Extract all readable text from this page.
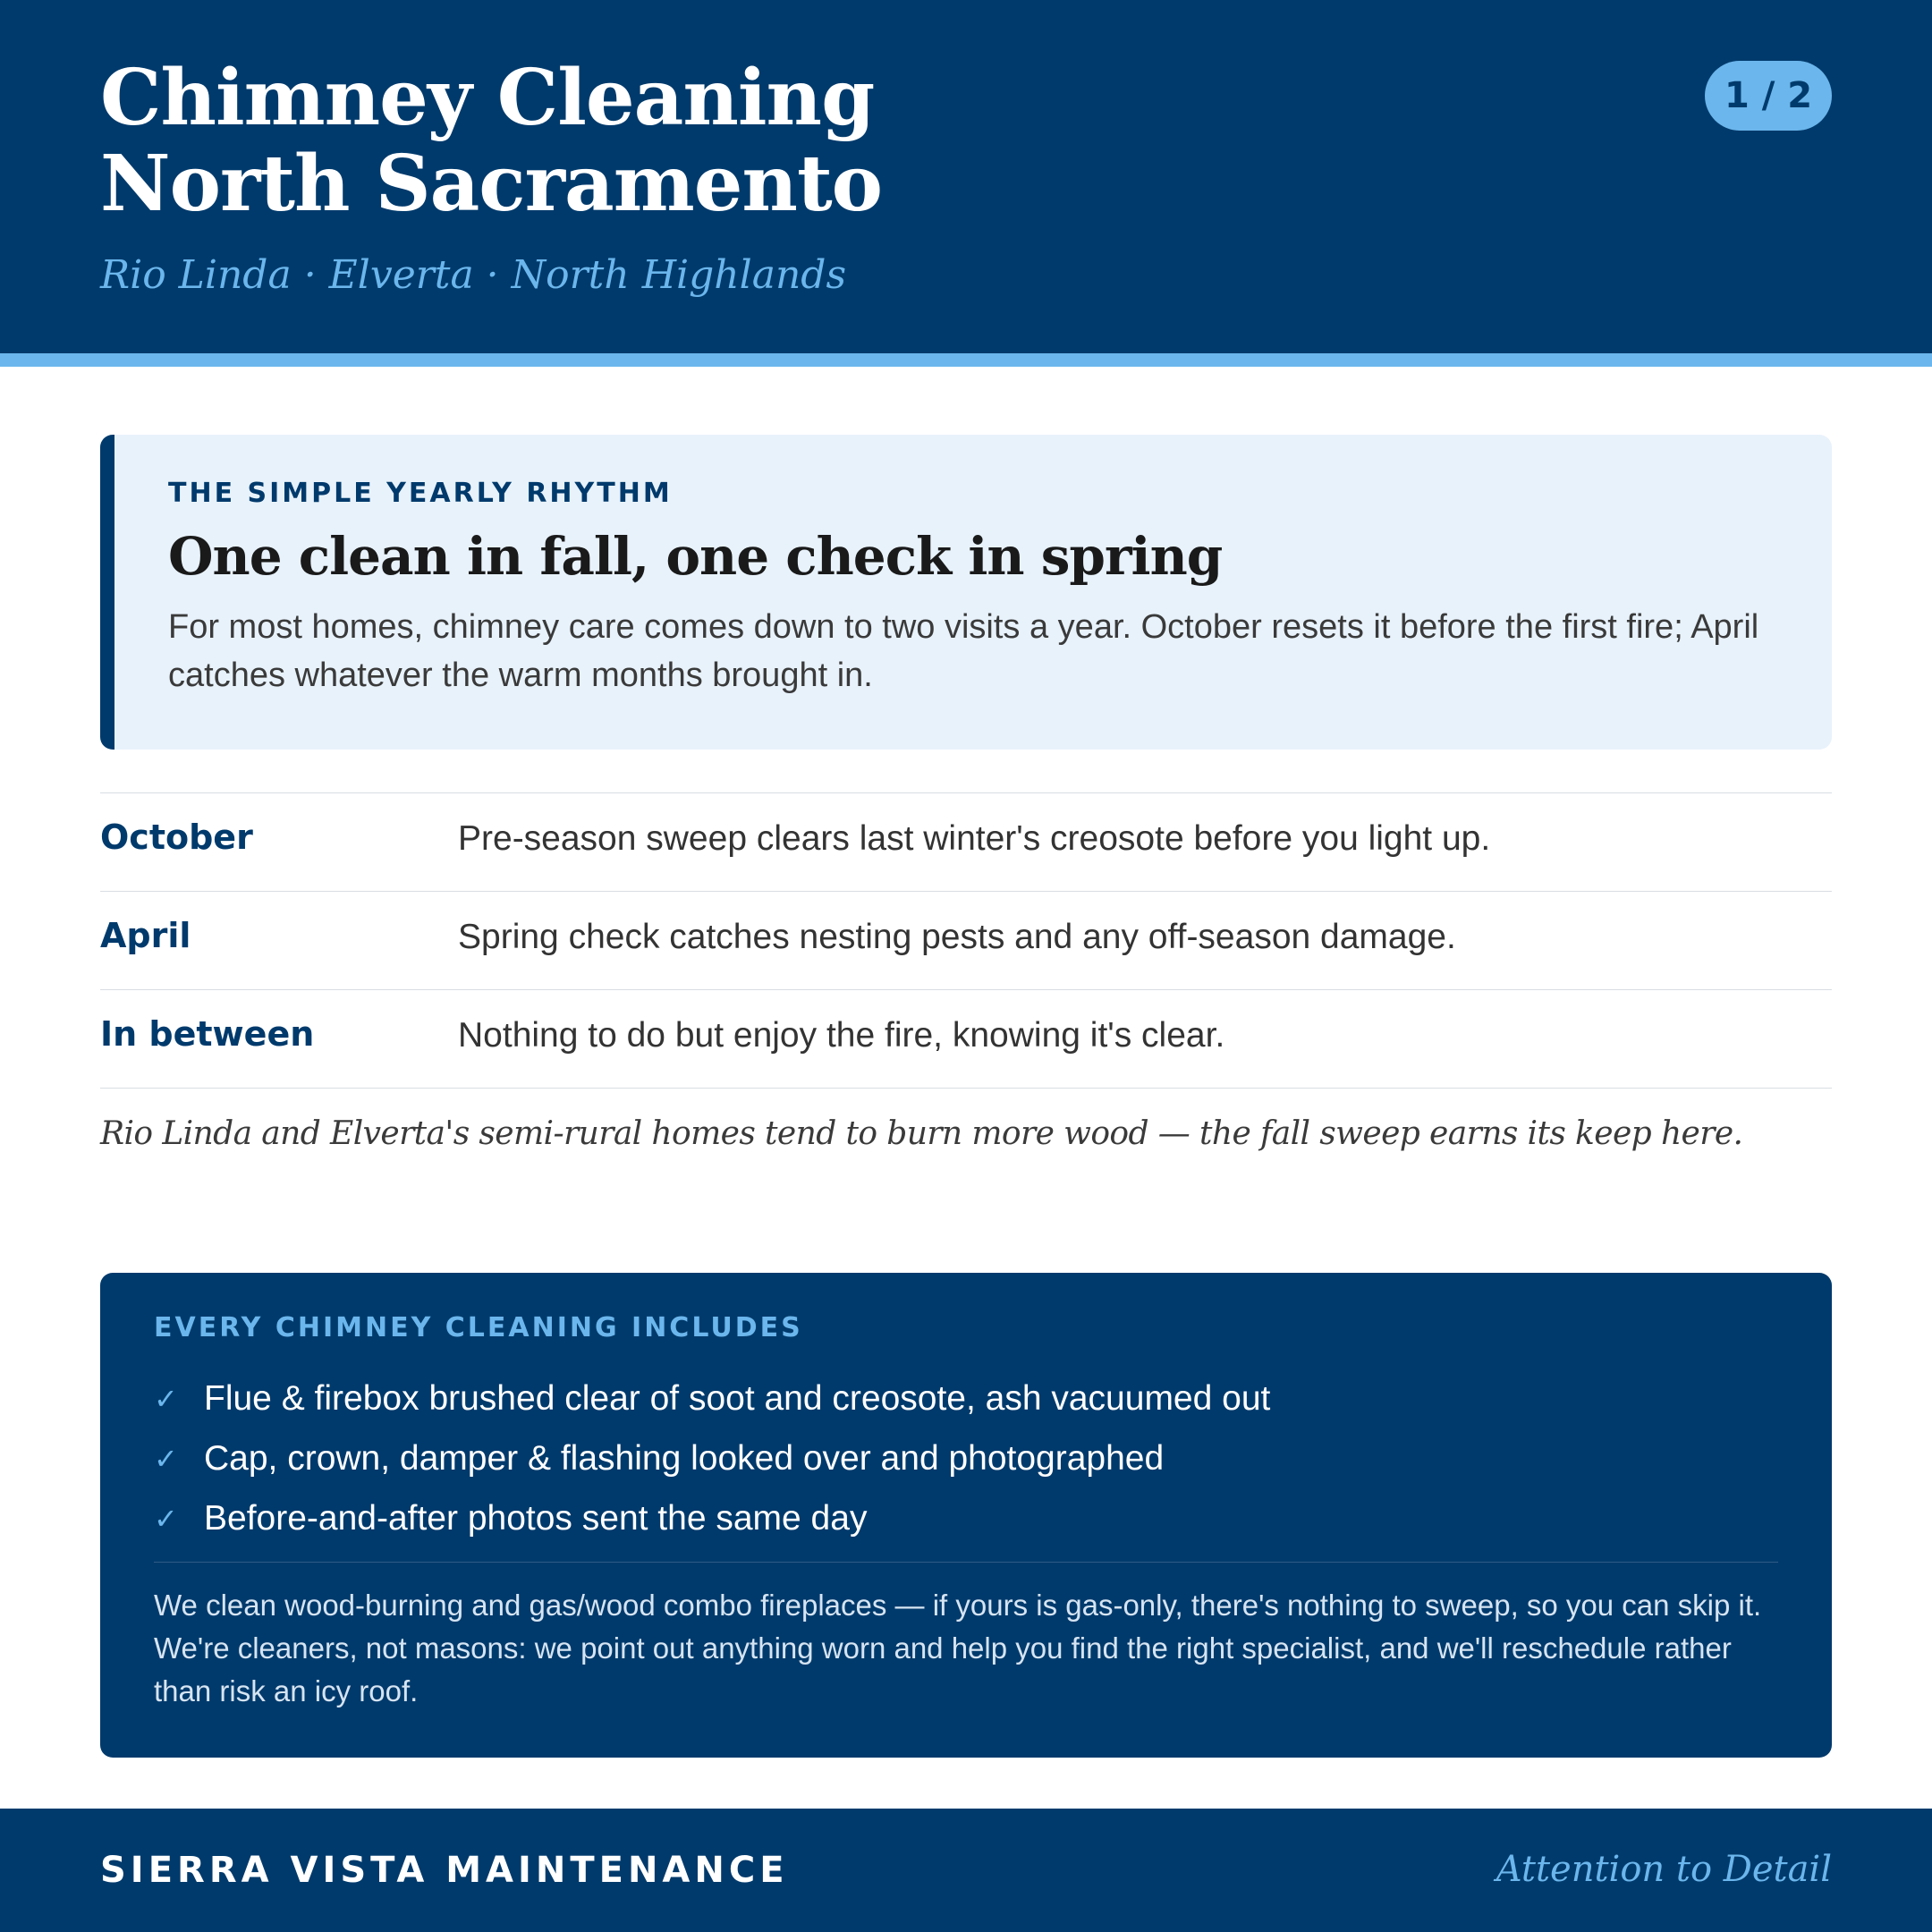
Chimney Cleaning
North Sacramento
Rio Linda · Elverta · North Highlands
1 / 2
THE SIMPLE YEARLY RHYTHM
One clean in fall, one check in spring

For most homes, chimney care comes down to two visits a year. October resets it before the first fire; April catches whatever the warm months brought in.

October	Pre-season sweep clears last winter's creosote before you light up.
April	Spring check catches nesting pests and any off-season damage.
In between	Nothing to do but enjoy the fire, knowing it's clear.
Rio Linda and Elverta's semi-rural homes tend to burn more wood — the fall sweep earns its keep here.
EVERY CHIMNEY CLEANING INCLUDES
✓ Flue & firebox brushed clear of soot and creosote, ash vacuumed out
✓ Cap, crown, damper & flashing looked over and photographed
✓ Before-and-after photos sent the same day

We clean wood-burning and gas/wood combo fireplaces — if yours is gas-only, there's nothing to sweep, so you can skip it. We're cleaners, not masons: we point out anything worn and help you find the right specialist, and we'll reschedule rather than risk an icy roof.

SIERRA VISTA MAINTENANCE	Attention to Detail
